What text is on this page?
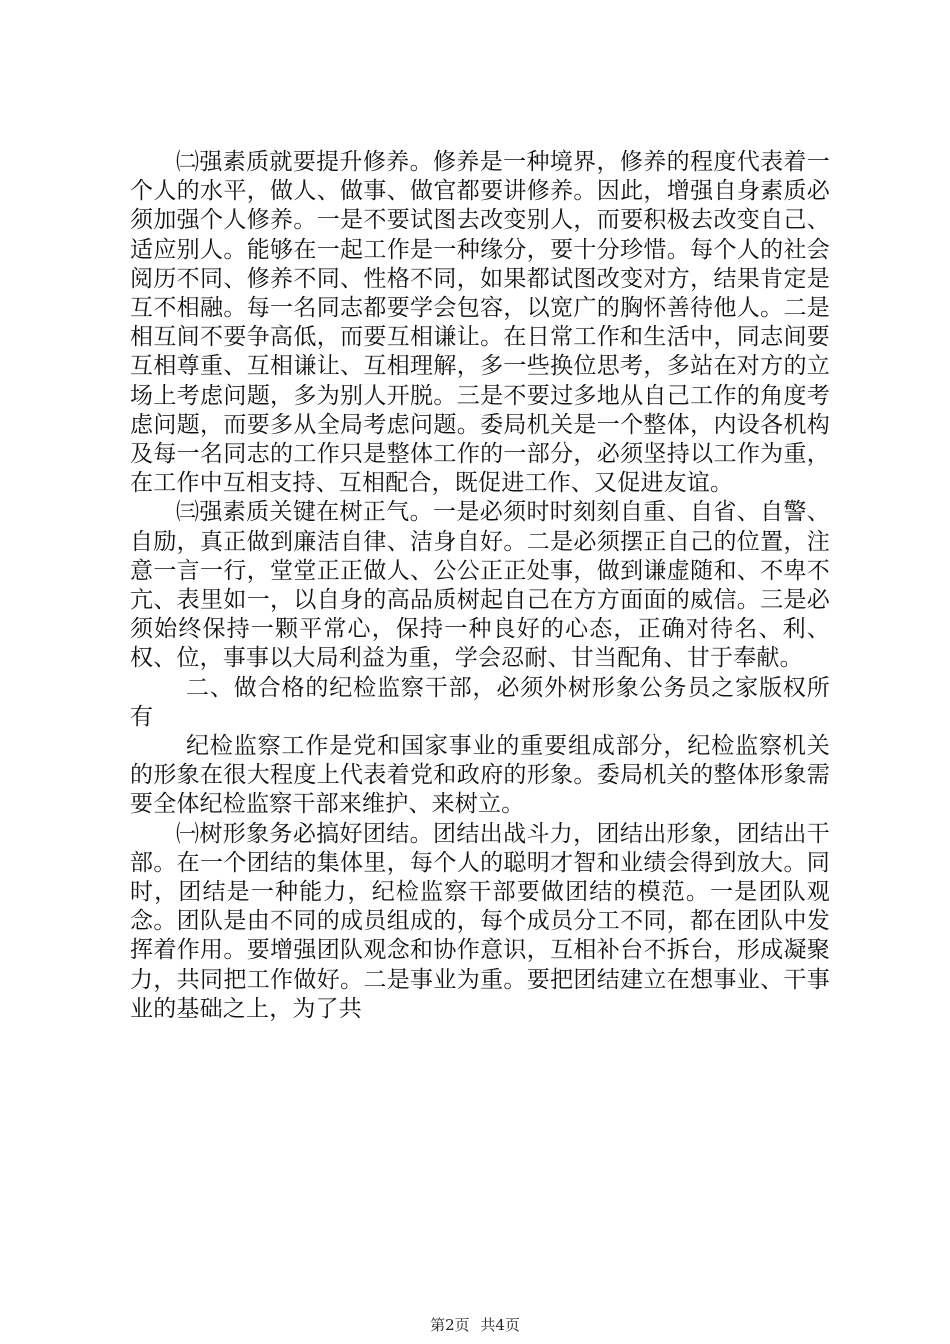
㈡强素质就要提升修养。修养是一种境界，修养的程度代表着一个人的水平，做人、做事、做官都要讲修养。因此，增强自身素质必须加强个人修养。一是不要试图去改变别人，而要积极去改变自己、适应别人。能够在一起工作是一种缘分，要十分珍惜。每个人的社会阅历不同、修养不同、性格不同，如果都试图改变对方，结果肯定是互不相融。每一名同志都要学会包容，以宽广的胸怀善待他人。二是相互间不要争高低，而要互相谦让。在日常工作和生活中，同志间要互相尊重、互相谦让、互相理解，多一些换位思考，多站在对方的立场上考虑问题，多为别人开脱。三是不要过多地从自己工作的角度考虑问题，而要多从全局考虑问题。委局机关是一个整体，内设各机构及每一名同志的工作只是整体工作的一部分，必须坚持以工作为重，在工作中互相支持、互相配合，既促进工作、又促进友谊。

㈢强素质关键在树正气。一是必须时时刻刻自重、自省、自警、自励，真正做到廉洁自律、洁身自好。二是必须摆正自己的位置，注意一言一行，堂堂正正做人、公公正正处事，做到谦虚随和、不卑不亢、表里如一，以自身的高品质树起自己在方方面面的威信。三是必须始终保持一颗平常心，保持一种良好的心态，正确对待名、利、权、位，事事以大局利益为重，学会忍耐、甘当配角、甘于奉献。

二、做合格的纪检监察干部，必须外树形象公务员之家版权所有

纪检监察工作是党和国家事业的重要组成部分，纪检监察机关的形象在很大程度上代表着党和政府的形象。委局机关的整体形象需要全体纪检监察干部来维护、来树立。

㈠树形象务必搞好团结。团结出战斗力，团结出形象，团结出干部。在一个团结的集体里，每个人的聪明才智和业绩会得到放大。同时，团结是一种能力，纪检监察干部要做团结的模范。一是团队观念。团队是由不同的成员组成的，每个成员分工不同，都在团队中发挥着作用。要增强团队观念和协作意识，互相补台不拆台，形成凝聚力，共同把工作做好。二是事业为重。要把团结建立在想事业、干事业的基础之上，为了共

第2页 共4页
